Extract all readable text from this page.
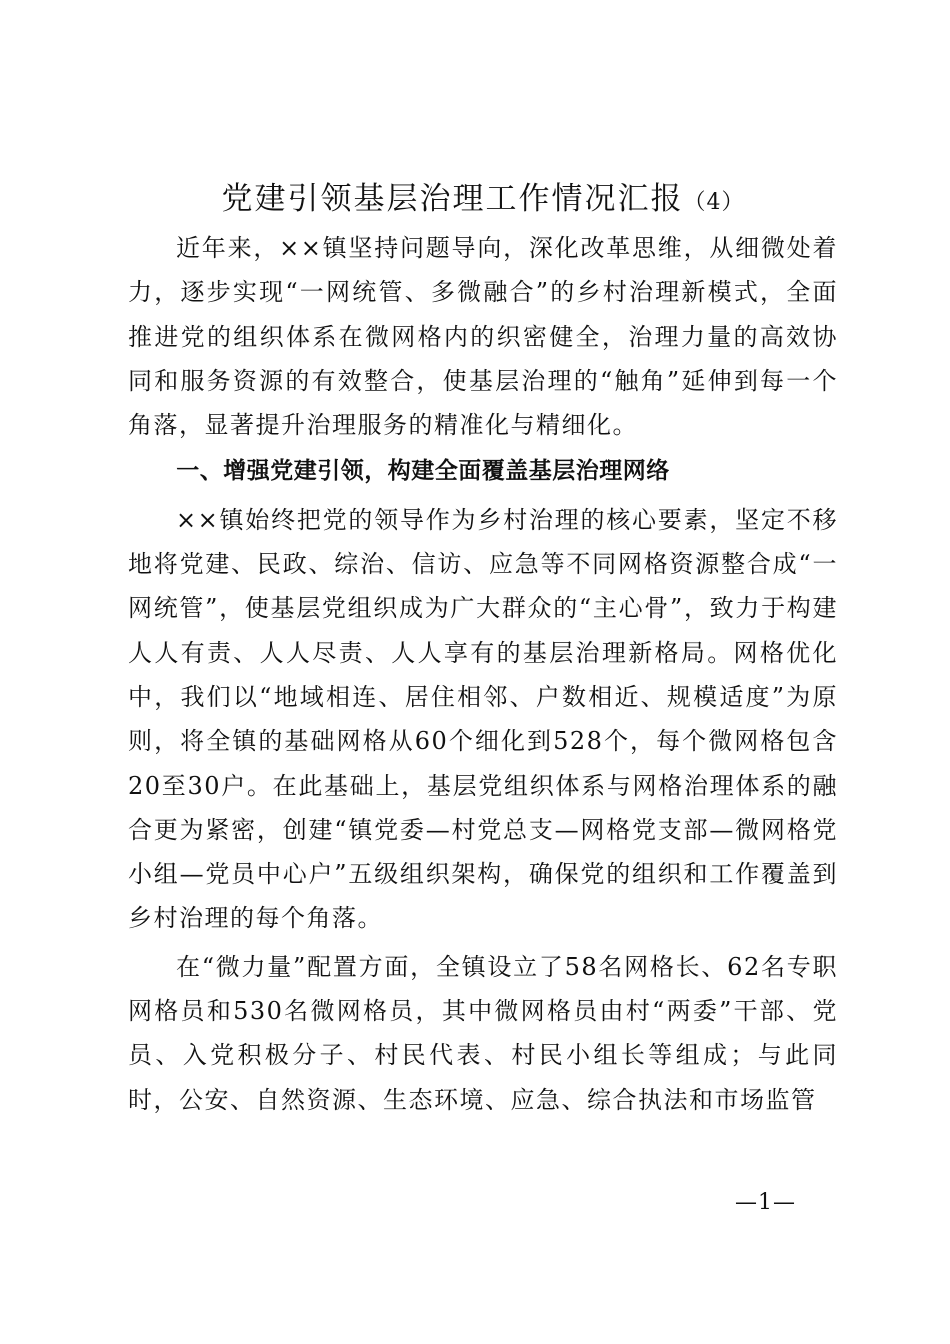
党建引领基层治理工作情况汇报（4）

近年来，××镇坚持问题导向，深化改革思维，从细微处着力，逐步实现“一网统管、多微融合”的乡村治理新模式，全面推进党的组织体系在微网格内的织密健全，治理力量的高效协同和服务资源的有效整合，使基层治理的“触角”延伸到每一个角落，显著提升治理服务的精准化与精细化。

一、增强党建引领，构建全面覆盖基层治理网络

××镇始终把党的领导作为乡村治理的核心要素，坚定不移地将党建、民政、综治、信访、应急等不同网格资源整合成“一网统管”，使基层党组织成为广大群众的“主心骨”，致力于构建人人有责、人人尽责、人人享有的基层治理新格局。网格优化中，我们以“地域相连、居住相邻、户数相近、规模适度”为原则，将全镇的基础网格从60个细化到528个，每个微网格包含20至30户。在此基础上，基层党组织体系与网格治理体系的融合更为紧密，创建“镇党委—村党总支—网格党支部—微网格党小组—党员中心户”五级组织架构，确保党的组织和工作覆盖到乡村治理的每个角落。

在“微力量”配置方面，全镇设立了58名网格长、62名专职网格员和530名微网格员，其中微网格员由村“两委”干部、党员、入党积极分子、村民代表、村民小组长等组成；与此同时，公安、自然资源、生态环境、应急、综合执法和市场监管

—1—
